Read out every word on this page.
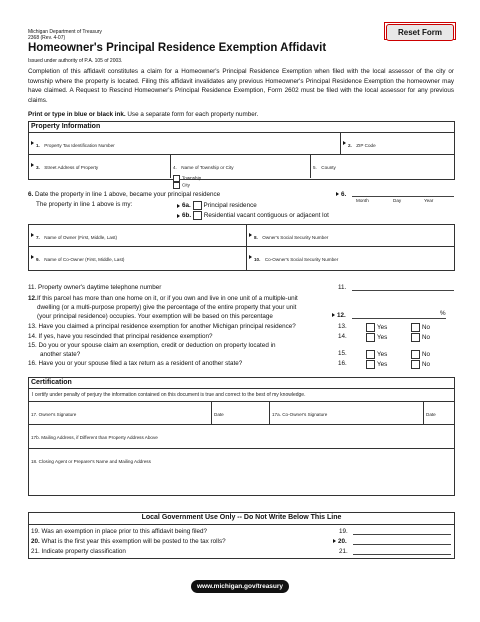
Michigan Department of Treasury
2368 (Rev. 4-07)
Reset Form
Homeowner's Principal Residence Exemption Affidavit
Issued under authority of P.A. 105 of 2003.
Completion of this affidavit constitutes a claim for a Homeowner's Principal Residence Exemption when filed with the local assessor of the city or township where the property is located. Filing this affidavit invalidates any previous Homeowner's Principal Residence Exemption the homeowner may have claimed. A Request to Rescind Homeowner's Principal Residence Exemption, Form 2602 must be filed with the local assessor for any previous claims.
Print or type in blue or black ink. Use a separate form for each property number.
Property Information
1. Property Tax Identification Number	2. ZIP Code
3. Street Address of Property	4. Name of Township or City
Township
City
5. County
6. Date the property in line 1 above, became your principal residence	6.
Month	Day	Year
The property in line 1 above is my:	6a. Principal residence
6b. Residential vacant contiguous or adjacent lot
7. Name of Owner (First, Middle, Last)	8. Owner's Social Security Number
9. Name of Co-Owner (First, Middle, Last)	10. Co-Owner's Social Security Number
11. Property owner's daytime telephone number	11.
12. If this parcel has more than one home on it, or if you own and live in one unit of a multiple-unit
dwelling (or a multi-purpose property) give the percentage of the entire property that your unit
(your principal residence) occupies. Your exemption will be based on this percentage	12.	%
13. Have you claimed a principal residence exemption for another Michigan principal residence?	13.	Yes	No
14. If yes, have you rescinded that principal residence exemption?	14.	Yes	No
15. Do you or your spouse claim an exemption, credit or deduction on property located in
another state?	15.	Yes	No
16. Have you or your spouse filed a tax return as a resident of another state?	16.	Yes	No
Certification
I certify under penalty of perjury the information contained on this document is true and correct to the best of my knowledge.
17. Owner's Signature	Date	17a. Co-Owner's Signature	Date
17b. Mailing Address, if Different than Property Address Above
18. Closing Agent or Preparer's Name and Mailing Address
Local Government Use Only -- Do Not Write Below This Line
19. Was an exemption in place prior to this affidavit being filed?	19.
20. What is the first year this exemption will be posted to the tax rolls?	20.
21. Indicate property classification	21.
www.michigan.gov/treasury
